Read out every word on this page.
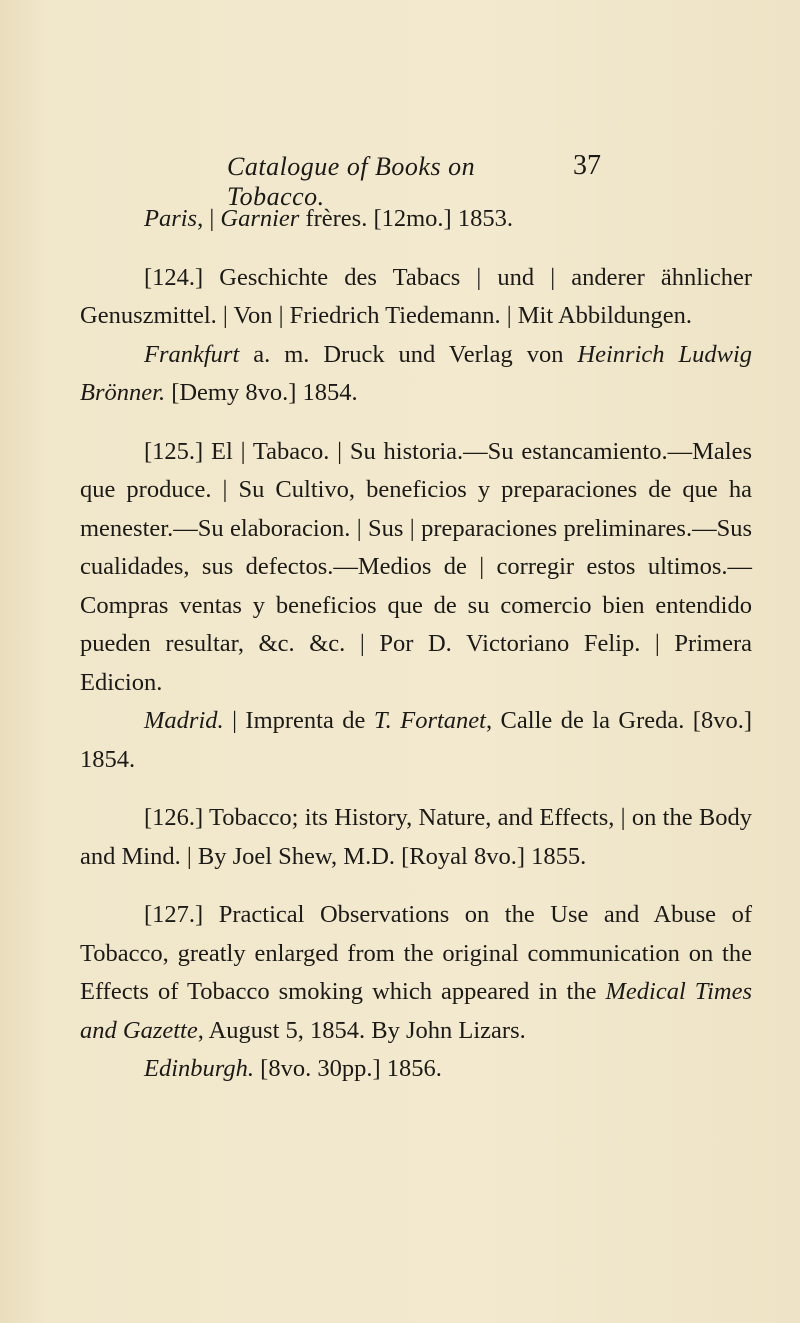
Catalogue of Books on Tobacco.
37

Paris, | Garnier frères. [12mo.] 1853.

[124.] Geschichte des Tabacs | und | anderer ähnlicher Genuszmittel. | Von | Friedrich Tiedemann. | Mit Abbildungen.

Frankfurt a. m. Druck und Verlag von Heinrich Ludwig Brönner. [Demy 8vo.] 1854.

[125.] El | Tabaco. | Su historia.—Su estancamiento.—Males que produce. | Su Cultivo, beneficios y preparaciones de que ha menester.—Su elaboracion. | Sus | preparaciones preliminares.—Sus cualidades, sus defectos.—Medios de | corregir estos ultimos.—Compras ventas y beneficios que de su comercio bien entendido pueden resultar, &c. &c. | Por D. Victoriano Felip. | Primera Edicion.

Madrid. | Imprenta de T. Fortanet, Calle de la Greda. [8vo.] 1854.

[126.] Tobacco; its History, Nature, and Effects, | on the Body and Mind. | By Joel Shew, M.D. [Royal 8vo.] 1855.

[127.] Practical Observations on the Use and Abuse of Tobacco, greatly enlarged from the original communication on the Effects of Tobacco smoking which appeared in the Medical Times and Gazette, August 5, 1854. By John Lizars.

Edinburgh. [8vo. 30pp.] 1856.
